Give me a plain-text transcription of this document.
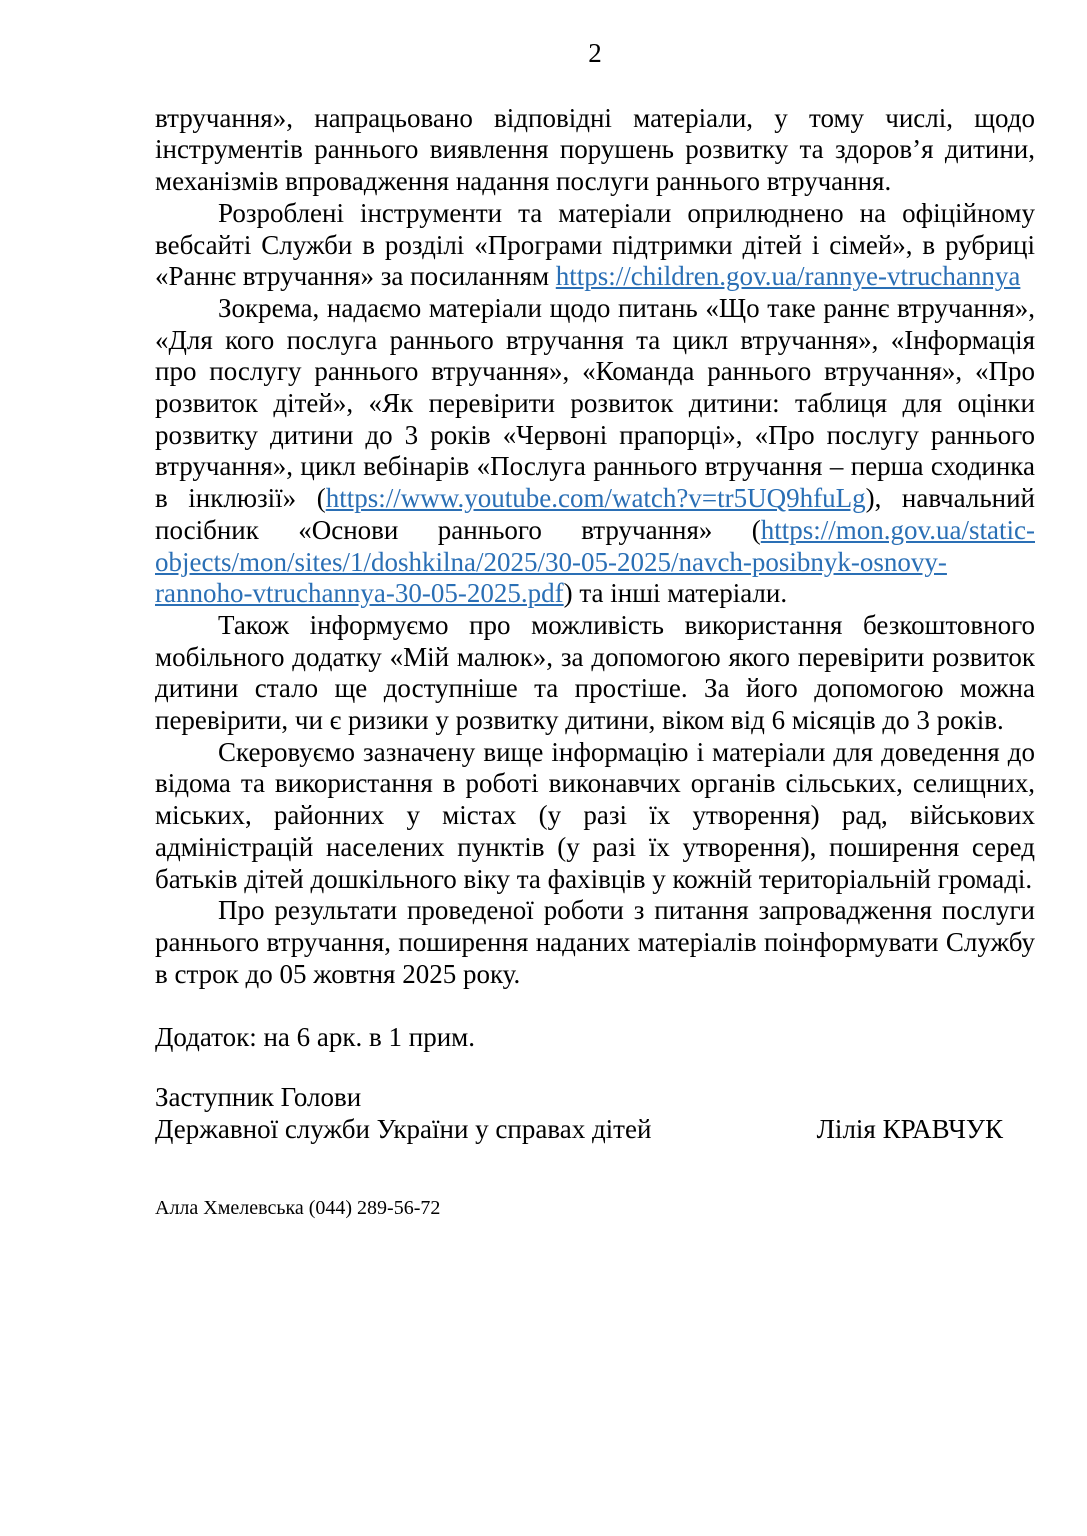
2

втручання», напрацьовано відповідні матеріали, у тому числі, щодо інструментів раннього виявлення порушень розвитку та здоров’я дитини, механізмів впровадження надання послуги раннього втручання.

Розроблені інструменти та матеріали оприлюднено на офіційному вебсайті Служби в розділі «Програми підтримки дітей і сімей», в рубриці «Раннє втручання» за посиланням https://children.gov.ua/rannye-vtruchannya

Зокрема, надаємо матеріали щодо питань «Що таке раннє втручання», «Для кого послуга раннього втручання та цикл втручання», «Інформація про послугу раннього втручання», «Команда раннього втручання», «Про розвиток дітей», «Як перевірити розвиток дитини: таблиця для оцінки розвитку дитини до 3 років «Червоні прапорці», «Про послугу раннього втручання», цикл вебінарів «Послуга раннього втручання – перша сходинка в інклюзії» (https://www.youtube.com/watch?v=tr5UQ9hfuLg), навчальний посібник «Основи раннього втручання» (https://mon.gov.ua/static-objects/mon/sites/1/doshkilna/2025/30-05-2025/navch-posibnyk-osnovy-rannoho-vtruchannya-30-05-2025.pdf) та інші матеріали.

Також інформуємо про можливість використання безкоштовного мобільного додатку «Мій малюк», за допомогою якого перевірити розвиток дитини стало ще доступніше та простіше. За його допомогою можна перевірити, чи є ризики у розвитку дитини, віком від 6 місяців до 3 років.

Скеровуємо зазначену вище інформацію і матеріали для доведення до відома та використання в роботі виконавчих органів сільських, селищних, міських, районних у містах (у разі їх утворення) рад, військових адміністрацій населених пунктів (у разі їх утворення), поширення серед батьків дітей дошкільного віку та фахівців у кожній територіальній громаді.

Про результати проведеної роботи з питання запровадження послуги раннього втручання, поширення наданих матеріалів поінформувати Службу в строк до 05 жовтня 2025 року.

Додаток: на 6 арк. в 1 прим.

Заступник Голови
Державної служби України у справах дітей	Лілія КРАВЧУК
Алла Хмелевська (044) 289-56-72
